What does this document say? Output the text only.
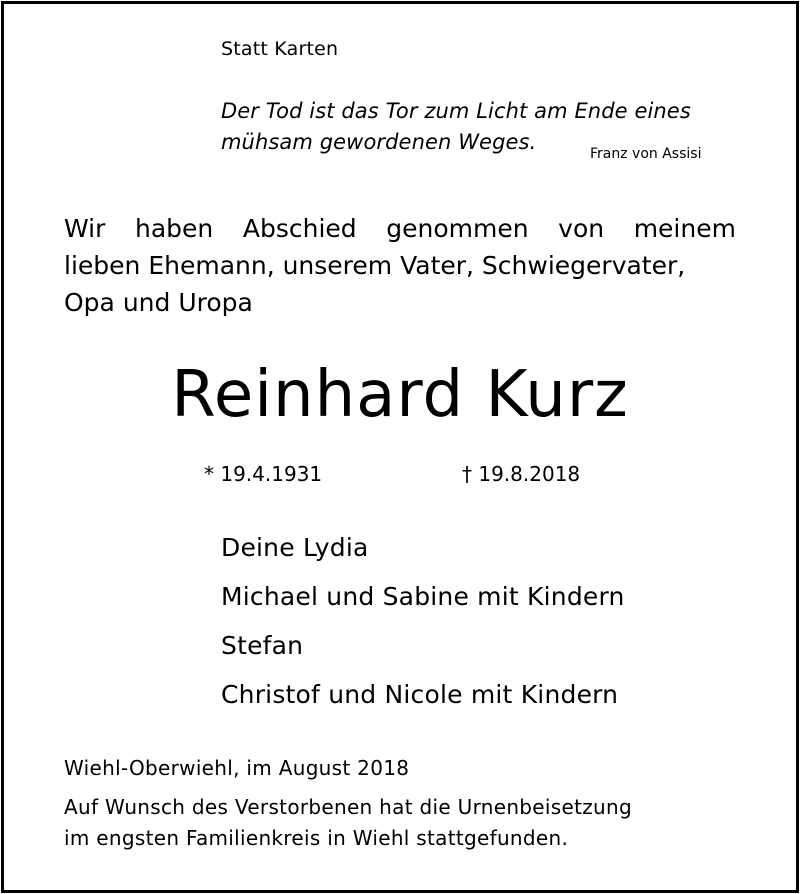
Statt Karten
Der Tod ist das Tor zum Licht am Ende eines
mühsam gewordenen Weges.	Franz von Assisi
Wir haben Abschied genommen von meinem
lieben Ehemann, unserem Vater, Schwiegervater,
Opa und Uropa
Reinhard Kurz
* 19.4.1931	† 19.8.2018
Deine Lydia
Michael und Sabine mit Kindern
Stefan
Christof und Nicole mit Kindern
Wiehl-Oberwiehl, im August 2018
Auf Wunsch des Verstorbenen hat die Urnenbeisetzung
im engsten Familienkreis in Wiehl stattgefunden.
